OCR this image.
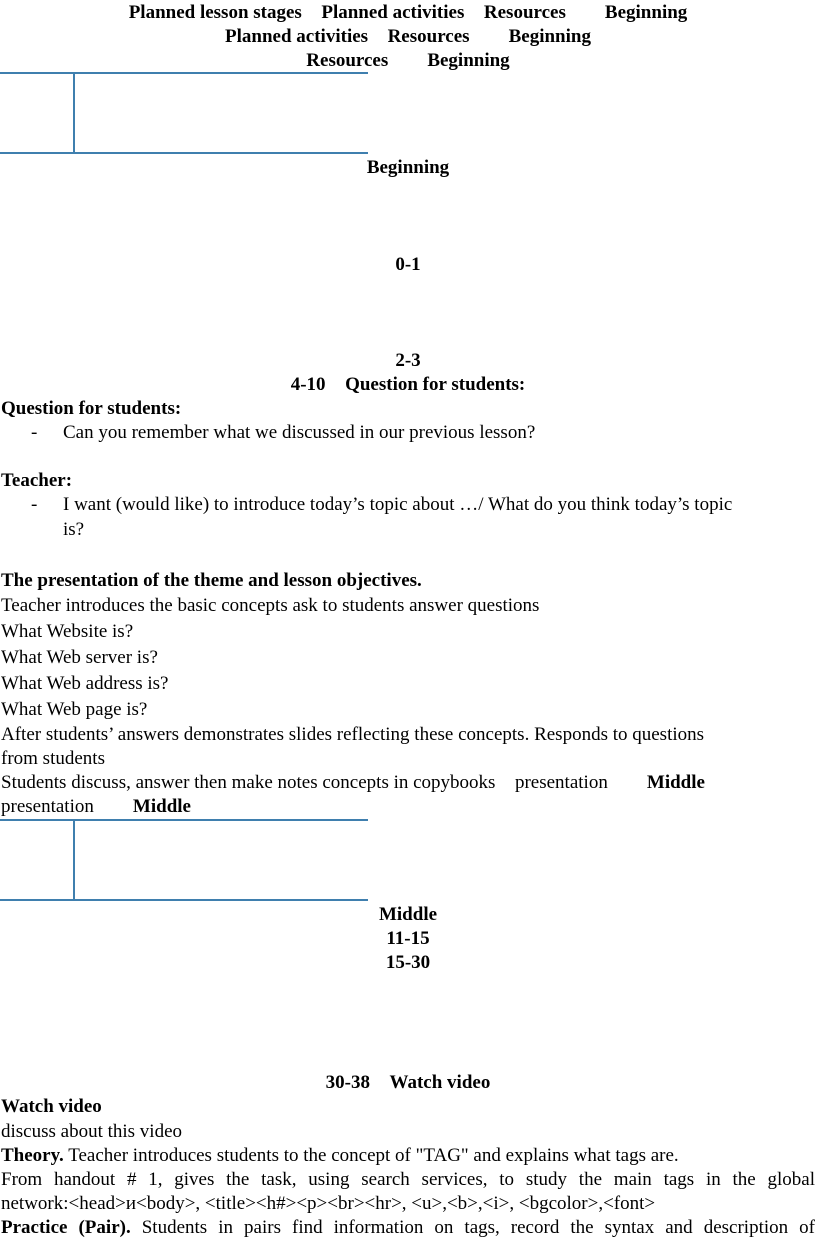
Planned lesson stages Planned activities Resources Beginning
Planned activities Resources Beginning
Resources Beginning
Beginning
0-1
2-3
4-10 Question for students:
Question for students:
- Can you remember what we discussed in our previous lesson?
Teacher:
- I want (would like) to introduce today’s topic about …/ What do you think today’s topic
is?
The presentation of the theme and lesson objectives.
Teacher introduces the basic concepts ask to students answer questions
What Website is?
What Web server is?
What Web address is?
What Web page is?
After students’ answers demonstrates slides reflecting these concepts. Responds to questions
from students
Students discuss, answer then make notes concepts in copybooks presentation Middle
presentation Middle
Middle
11-15
15-30
30-38 Watch video
Watch video
discuss about this video
Theory. Teacher introduces students to the concept of "TAG" and explains what tags are.
From handout # 1, gives the task, using search services, to study the main tags in the global
network:<head>и<body>, <title><h#><p><br><hr>, <u>,<b>,<i>, <bgcolor>,<font>
Practice (Pair). Students in pairs find information on tags, record the syntax and description of
